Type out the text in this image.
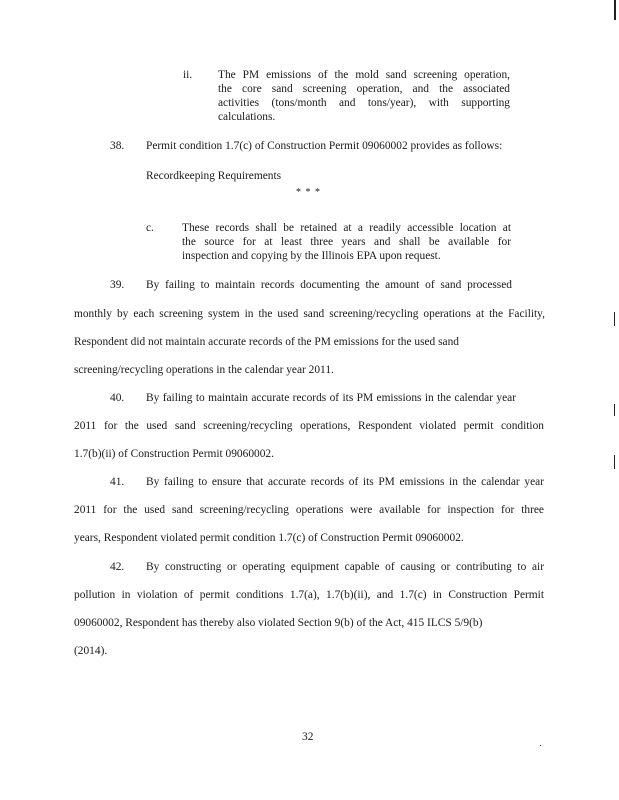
ii. The PM emissions of the mold sand screening operation,
the core sand screening operation, and the associated
activities (tons/month and tons/year), with supporting
calculations.
38. Permit condition 1.7(c) of Construction Permit 09060002 provides as follows:
Recordkeeping Requirements
* * *
c. These records shall be retained at a readily accessible location at
the source for at least three years and shall be available for
inspection and copying by the Illinois EPA upon request.
39. By failing to maintain records documenting the amount of sand processed
monthly by each screening system in the used sand screening/recycling operations at the Facility,
Respondent did not maintain accurate records of the PM emissions for the used sand
screening/recycling operations in the calendar year 2011.
40. By failing to maintain accurate records of its PM emissions in the calendar year
2011 for the used sand screening/recycling operations, Respondent violated permit condition
1.7(b)(ii) of Construction Permit 09060002.
41. By failing to ensure that accurate records of its PM emissions in the calendar year
2011 for the used sand screening/recycling operations were available for inspection for three
years, Respondent violated permit condition 1.7(c) of Construction Permit 09060002.
42. By constructing or operating equipment capable of causing or contributing to air
pollution in violation of permit conditions 1.7(a), 1.7(b)(ii), and 1.7(c) in Construction Permit
09060002, Respondent has thereby also violated Section 9(b) of the Act, 415 ILCS 5/9(b)
(2014).
32
